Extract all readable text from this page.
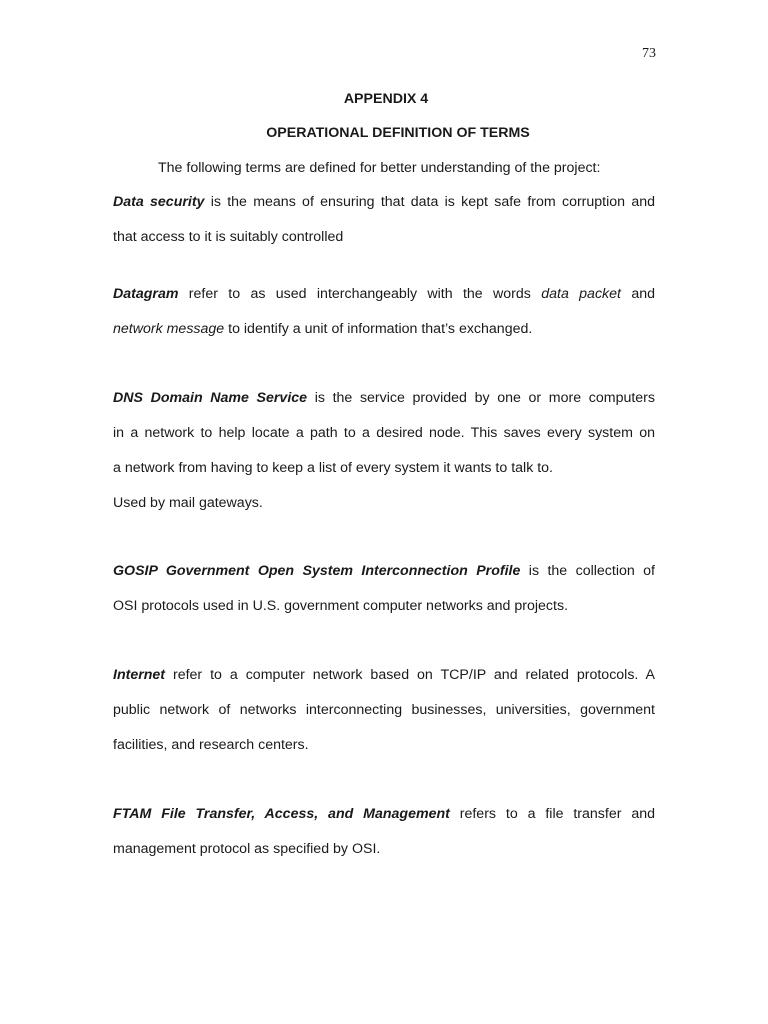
73
APPENDIX 4
OPERATIONAL DEFINITION OF TERMS
The following terms are defined for better understanding of the project:
Data security is the means of ensuring that data is kept safe from corruption and
that access to it is suitably controlled
Datagram refer to as used interchangeably with the words data packet and
network message to identify a unit of information that’s exchanged.
DNS Domain Name Service is the service provided by one or more computers
in a network to help locate a path to a desired node. This saves every system on
a network from having to keep a list of every system it wants to talk to.
Used by mail gateways.
GOSIP Government Open System Interconnection Profile is the collection of
OSI protocols used in U.S. government computer networks and projects.
Internet refer to a computer network based on TCP/IP and related protocols. A
public network of networks interconnecting businesses, universities, government
facilities, and research centers.
FTAM File Transfer, Access, and Management refers to a file transfer and
management protocol as specified by OSI.
